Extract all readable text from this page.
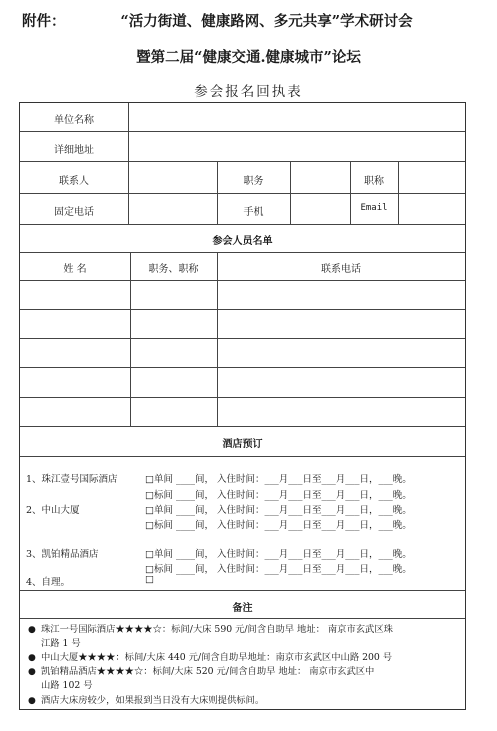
附件：	“活力街道、健康路网、多元共享”学术研讨会
暨第二届“健康交通.健康城市”论坛
参会报名回执表
单位名称
详细地址
联系人	职务	职称
固定电话	手机	Email
参会人员名单
姓 名	职务、职称	联系电话
酒店预订
1、珠江壹号国际酒店	□单间 ____间， 入住时间：___月___日至___月___日，___晚。
□标间 ____间， 入住时间：___月___日至___月___日，___晚。
2、中山大厦	□单间 ____间， 入住时间：___月___日至___月___日，___晚。
□标间 ____间， 入住时间：___月___日至___月___日，___晚。
3、凯铂精品酒店	□单间 ____间， 入住时间：___月___日至___月___日，___晚。
□标间 ____间， 入住时间：___月___日至___月___日，___晚。
4、自理。	□
备注
● 珠江一号国际酒店★★★★☆：标间/大床 590 元/间含自助早 地址： 南京市玄武区珠
江路 1 号
● 中山大厦★★★★：标间/大床 440 元/间含自助早地址：南京市玄武区中山路 200 号
● 凯铂精品酒店★★★★☆：标间/大床 520 元/间含自助早 地址： 南京市玄武区中
山路 102 号
● 酒店大床房较少，如果报到当日没有大床则提供标间。
